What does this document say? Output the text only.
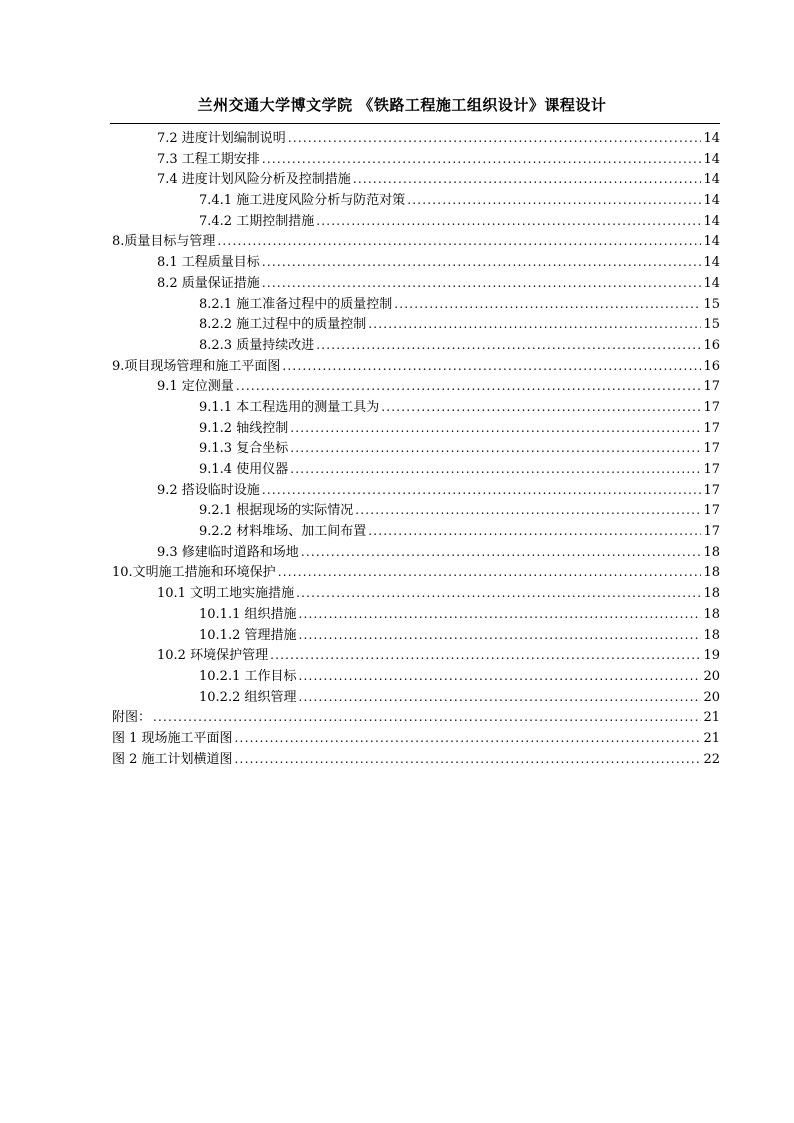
兰州交通大学博文学院 《铁路工程施工组织设计》课程设计
7.2 进度计划编制说明 .....	14
7.3 工程工期安排 .....	14
7.4 进度计划风险分析及控制措施 .....	14
7.4.1 施工进度风险分析与防范对策 .....	14
7.4.2 工期控制措施 .....	14
8.质量目标与管理 .....	14
8.1 工程质量目标 .....	14
8.2 质量保证措施 .....	14
8.2.1 施工准备过程中的质量控制 .....	15
8.2.2 施工过程中的质量控制 .....	15
8.2.3 质量持续改进 .....	16
9.项目现场管理和施工平面图 .....	16
9.1 定位测量 .....	17
9.1.1 本工程选用的测量工具为 .....	17
9.1.2 轴线控制 .....	17
9.1.3 复合坐标 .....	17
9.1.4 使用仪器 .....	17
9.2 搭设临时设施 .....	17
9.2.1 根据现场的实际情况 .....	17
9.2.2 材料堆场、加工间布置 .....	17
9.3 修建临时道路和场地 .....	18
10.文明施工措施和环境保护 .....	18
10.1 文明工地实施措施 .....	18
10.1.1 组织措施 .....	18
10.1.2 管理措施 .....	18
10.2 环境保护管理 .....	19
10.2.1 工作目标 .....	20
10.2.2 组织管理 .....	20
附图： .....	21
图 1 现场施工平面图 .....	21
图 2 施工计划横道图 .....	22
